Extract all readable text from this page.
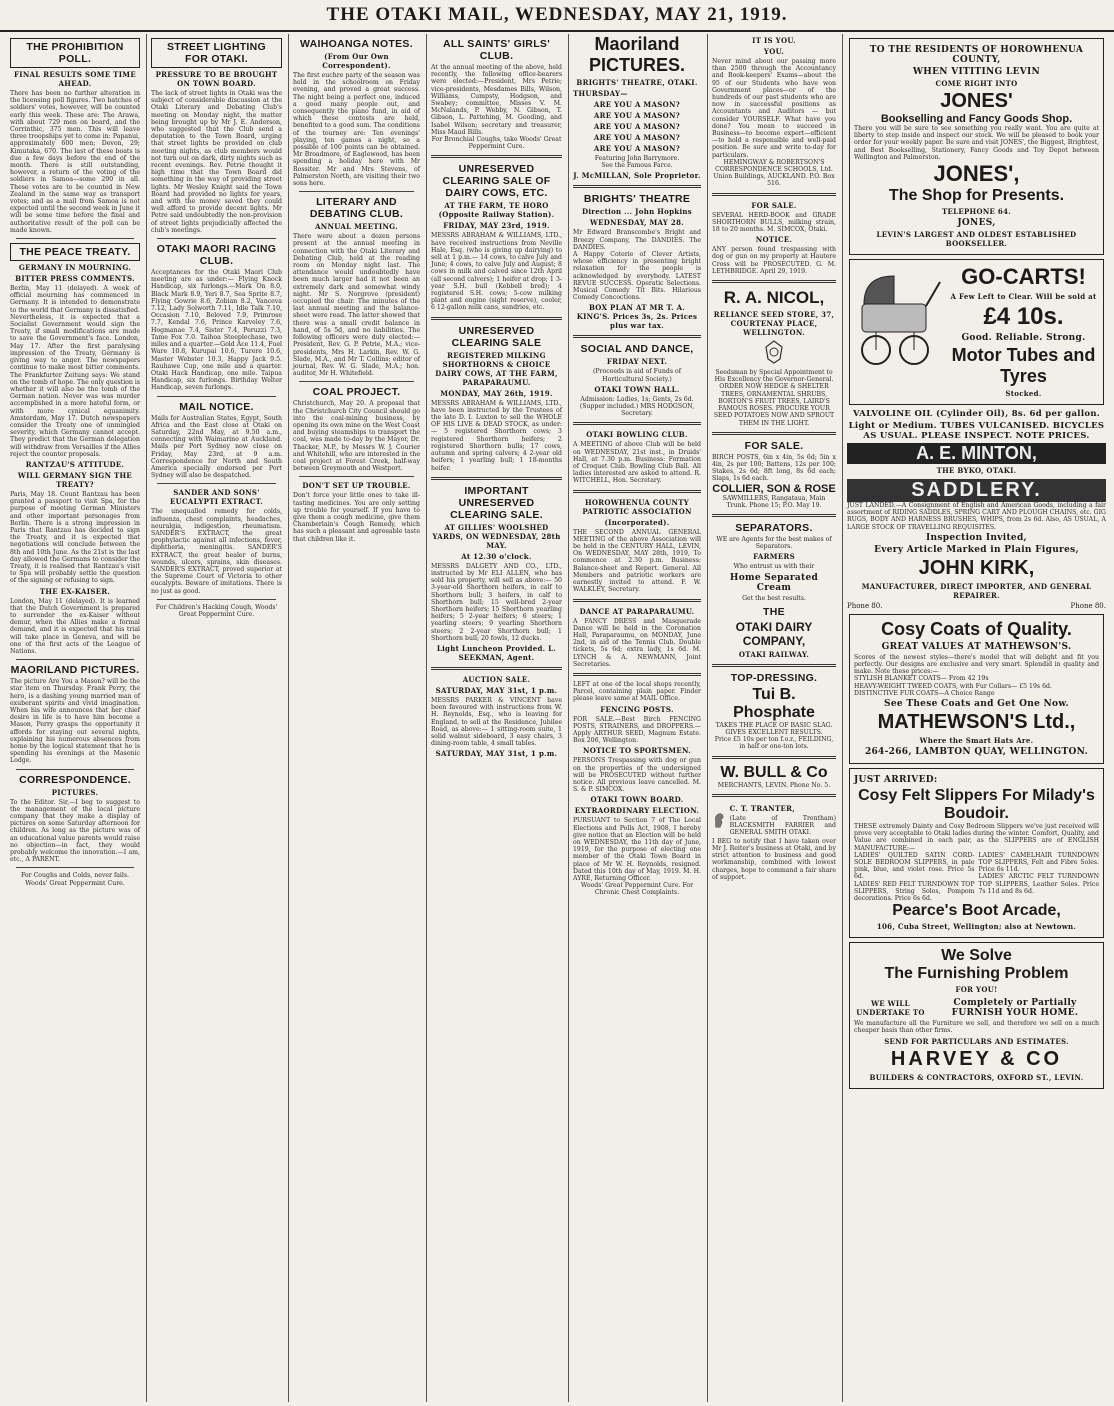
THE OTAKI MAIL, WEDNESDAY, MAY 21, 1919.
THE PROHIBITION POLL.
FINAL RESULTS SOME TIME AHEAD.
There has been no further alteration in the licensing poll figures. Two batches of soldiers' votes, however, will be counted early this week. These are: The Arawa, with about 729 men on board, and the Corrinthic, 375 men. This will leave three troopships yet to come in: Papanui, approximately 600 men; Devon, 29; Kimutaka, 670. The last of these boats is due a few days before the end of the month. There is still outstanding, however, a return of the voting of the soldiers in Samoa—some 290 in all. These votes are to be counted in New Zealand in the same way as transport votes; and as a mail from Samoa is not expected until the second week in June it will be some time before the final and authoritative result of the poll can be made known.
THE PEACE TREATY.
GERMANY IN MOURNING.
BITTER PRESS COMMENTS.
Berlin, May 11 (delayed). A week of official mourning has commenced in Germany. It is intended to demonstrate to the world that Germany is dissatisfied. Nevertheless, it is expected that a Socialist Government would sign the Treaty, if small modifications are made to save the Government's face. London, May 17. After the first paralysing impression of the Treaty, Germany is giving way to anger. The newspapers continue to make most bitter comments. The Frankfurter Zeitung says: We stand on the tomb of hope. The only question is whether it will also be the tomb of the German nation. Never was was murder accomplished in a more hateful form, or with more cynical equanimity. Amsterdam, May 17. Dutch newspapers consider the Treaty one of unmingled severity, which Germany cannot accept. They predict that the German delegation will withdraw from Versailles if the Allies reject the counter proposals.
RANTZAU'S ATTITUDE.
WILL GERMANY SIGN THE TREATY?
Paris, May 18. Count Rantzau has been granted a passport to visit Spa, for the purpose of meeting German Ministers and other important personages from Berlin. There is a strong impression in Paris that Rantzau has decided to sign the Treaty, and it is expected that negotiations will conclude between the 8th and 10th June. As the 21st is the last day allowed the Germans to consider the Treaty, it is realised that Rantzau's visit to Spa will probably settle the question of the signing or refusing to sign.
THE EX-KAISER.
London, May 11 (delayed). It is learned that the Dutch Government is prepared to surrender the ex-Kaiser without demur, when the Allies make a formal demand, and it is expected that his trial will take place in Geneva, and will be one of the first acts of the League of Nations.
MAORILAND PICTURES.
The picture Are You a Mason? will be the star item on Thursday. Frank Perry, the hero, is a dashing young married man of exuberant spirits and vivid imagination. When his wife announces that her chief desire in life is to have him become a Mason, Perry grasps the opportunity it affords for staying out several nights, explaining his numerous absences from home by the logical statement that he is spending his evenings at the Masonic Lodge.
CORRESPONDENCE.
PICTURES.
To the Editor. Sir,—I beg to suggest to the management of the local picture company that they make a display of pictures on some Saturday afternoon for children. As long as the picture was of an educational value parents would raise no objection—in fact, they would probably welcome the innovation.—I am, etc., A PARENT.
For Coughs and Colds, never fails. Woods' Great Peppermint Cure.
STREET LIGHTING FOR OTAKI.
PRESSURE TO BE BROUGHT ON TOWN BOARD.
The lack of street lights in Otaki was the subject of considerable discussion at the Otaki Literary and Debating Club's meeting on Monday night, the matter being brought up by Mr J. E. Anderson, who suggested that the Club send a deputation to the Town Board, urging that street lights be provided on club meeting nights, as club members would not turn out on dark, dirty nights such as recent evenings. Rev. Petrie thought it high time that the Town Board did something in the way of providing street lights. Mr Wesley Knight said the Town Board had provided no lights for years, and with the money saved they could well afford to provide decent lights. Mr Petre said undoubtedly the non-provision of street lights prejudicially affected the club's meetings.
OTAKI MAORI RACING CLUB.
Acceptances for the Otaki Maori Club meeting are as under:— Flying Knock Handicap, six furlongs.—Mark On 8.0, Black Mark 8.9, Yeri 8.7, Sea Sprite 8.7, Flying Gowrie 8.6, Zobian 8.2, Vanceva 7.12, Lady Solworth 7.11, Idle Talk 7.10, Occasion 7.10, Beloved 7.9, Primrose 7.7, Kendal 7.6, Prince Karveley 7.6, Hogmanae 7.4, Sister 7.4, Peruzzi 7.3, Tame Fox 7.0. Taihoa Steeplechase, two miles and a quarter.—Gold Ace 11.4, Fuel Ware 10.8, Kurupai 10.6, Turere 10.6, Master Webster 10.3, Happy Jack 9.5. Rauhawe Cup, one mile and a quarter. Otaki Hack Handicap, one mile. Taipua Handicap, six furlongs. Birthday Welter Handicap, seven furlongs.
MAIL NOTICE.
Mails for Australian States, Egypt, South Africa and the East close at Otaki on Saturday, 22nd May, at 9.50 a.m., connecting with Waimarino at Auckland. Mails per Port Sydney now close on Friday, May 23rd, at 9 a.m. Correspondence for North and South America specially endorsed per Port Sydney will also be despatched.
SANDER AND SONS' EUCALYPTI EXTRACT.
The unequalled remedy for colds, influenza, chest complaints, headaches, neuralgia, indigestion, rheumatism. SANDER'S EXTRACT, the great prophylactic against all infections, fever, diphtheria, meningitis. SANDER'S EXTRACT, the great healer of burns, wounds, ulcers, sprains, skin diseases. SANDER'S EXTRACT, proved superior at the Supreme Court of Victoria to other eucalypts. Beware of imitations. There is no just as good.
For Children's Hacking Cough, Woods' Great Peppermint Cure.
WAIHOANGA NOTES.
(From Our Own Correspondent).
The first euchre party of the season was held in the schoolroom on Friday evening, and proved a great success. The night being a perfect one, induced a good many people out, and consequently the piano fund, in aid of which these contests are held, benefited to a good sum. The conditions of the tourney are: Ten evenings' playing, ten games a night, so a possible of 100 points can be obtained. Mr Broadmore, of Eaglewood, has been spending a holiday here with Mr Rossiter. Mr and Mrs Stevens, of Palmerston North, are visiting their two sons here.
LITERARY AND DEBATING CLUB.
ANNUAL MEETING.
There were about a dozen persons present at the annual meeting in connection with the Otaki Literary and Debating Club, held at the reading room on Monday night last. The attendance would undoubtedly have been much larger had it not been an extremely dark and somewhat windy night. Mr S. Norgrove (president) occupied the chair. The minutes of the last annual meeting and the balance-sheet were read. The latter showed that there was a small credit balance in hand, of 5s 5d, and no liabilities. The following officers were duly elected:—President, Rev. G. P. Petrie, M.A.; vice-presidents, Mrs H. Larkin, Rev. W. G. Slade, M.A., and Mr T. Collins; editor of journal, Rev. W. G. Slade, M.A.; hon. auditor, Mr H. Whitefield.
COAL PROJECT.
Christchurch, May 20. A proposal that the Christchurch City Council should go into the coal-mining business, by opening its own mine on the West Coast and buying steamships to transport the coal, was made to-day by the Mayor, Dr. Thacker, M.P., by Messrs W. J. Courier and Whitehill, who are interested in the coal project at Forest Creek, half-way between Greymouth and Westport.
DON'T SET UP TROUBLE.
Don't force your little ones to take ill-tasting medicines. You are only setting up trouble for yourself. If you have to give them a cough medicine, give them Chamberlain's Cough Remedy, which has such a pleasant and agreeable taste that children like it.
ALL SAINTS' GIRLS' CLUB.
At the annual meeting of the above, held recently, the following office-bearers were elected:—President, Mrs Petrie; vice-presidents, Mesdames Bills, Wilson, Williams, Cumpsty, Hodgson, and Swabey; committee, Misses V. M. McNalands, P. Webby, N. Gibson, T. Gibson, L. Pattehing, M. Gooding, and Isabel Wilson; secretary and treasurer, Miss Maud Bills.
For Bronchial Coughs, take Woods' Great Peppermint Cure.
UNRESERVED CLEARING SALE OF DAIRY COWS, ETC.
AT THE FARM, TE HORO (Opposite Railway Station).
FRIDAY, MAY 23rd, 1919.
MESSRS ABRAHAM & WILLIAMS, LTD., have received instructions from Neville Hale, Esq. (who is giving up dairying) to sell at 1 p.m.— 14 cows, to calve July and June; 4 cows, to calve July and August; 8 cows in milk and calved since 12th April (all second calvers); 1 heifer at drop; 1 3-year S.H. bull (Kebbell bred); 4 registered S.H. cows; 5-cow milking plant and engine (sight reserve), cooler, 6 12-gallon milk cans, sundries, etc.
UNRESERVED CLEARING SALE
REGISTERED MILKING SHORTHORNS & CHOICE DAIRY COWS, AT THE FARM, PARAPARAUMU.
MONDAY, MAY 26th, 1919.
MESSRS ABRAHAM & WILLIAMS, LTD., have been instructed by the Trustees of the late D. I. Luxton to sell the WHOLE OF HIS LIVE & DEAD STOCK, as under:— 5 registered Shorthorn cows; 3 registered Shorthorn heifers; 2 registered Shorthorn bulls; 17 cows, autumn and spring calvers; 4 2-year old heifers; 1 yearling bull; 1 18-months heifer.
IMPORTANT UNRESERVED CLEARING SALE.
AT GILLIES' WOOLSHED YARDS, ON WEDNESDAY, 28th MAY.
At 12.30 o'clock.
MESSRS DALGETY AND CO., LTD., instructed by Mr ELI ALLEN, who has sold his property, will sell as above:— 50 3-year-old Shorthorn heifers, in calf to Shorthorn bull; 3 heifers, in calf to Shorthorn bull; 15 well-bred 2-year Shorthorn heifers; 15 Shorthorn yearling heifers; 5 2-year heifers; 6 steers; 1 yearling steers; 9 yearling Shorthorn steers; 2 2-year Shorthorn bull; 1 Shorthorn bull; 20 fowls, 12 ducks.
Light Luncheon Provided. L. SEEKMAN, Agent.
AUCTION SALE.
SATURDAY, MAY 31st, 1 p.m.
MESSRS PARKER & VINCENT have been favoured with instructions from W. H. Reynolds, Esq., who is leaving for England, to sell at the Residence, Jubilee Road, as above:— 1 sitting-room suite, 1 solid walnut sideboard, 3 easy chairs, 3 dining-room table, 4 small tables.
SATURDAY, MAY 31st, 1 p.m.
Maoriland
PICTURES.
BRIGHTS' THEATRE, OTAKI.
THURSDAY—
ARE YOU A MASON?
ARE YOU A MASON?
ARE YOU A MASON?
ARE YOU A MASON?
ARE YOU A MASON?
Featuring John Barrymore.
See the Famous Farce.
J. McMILLAN, Sole Proprietor.
BRIGHTS' THEATRE
Direction ... John Hopkins
WEDNESDAY, MAY 28.
Mr Edward Branscombe's Bright and Breezy Company, The DANDIES. The DANDIES.
A Happy Coterie of Clever Artists, whose efficiency in presenting bright relaxation for the people is acknowledged by everybody. LATEST REVUE SUCCESS. Operatic Selections. Musical Comedy Tit Bits. Hilarious Comedy Concoctions.
BOX PLAN AT MR T. A. KING'S. Prices 3s, 2s. Prices plus war tax.
SOCIAL AND DANCE,
FRIDAY NEXT.
(Proceeds in aid of Funds of Horticultural Society.)
OTAKI TOWN HALL.
Admission: Ladies, 1s; Gents, 2s 6d. (Supper included.) MRS HODGSON, Secretary.
OTAKI BOWLING CLUB.
A MEETING of above Club will be held on WEDNESDAY, 21st inst., in Druids' Hall, at 7.30 p.m. Business: Formation of Croquet Club. Bowling Club Ball. All ladies interested are asked to attend. R. WITCHELL, Hon. Secretary.
HOROWHENUA COUNTY PATRIOTIC ASSOCIATION
(Incorporated).
THE SECOND ANNUAL GENERAL MEETING of the above Association will be held in the CENTURY HALL, LEVIN, On WEDNESDAY, MAY 28th, 1919, To commence at 2.30 p.m. Business: Balance-sheet and Report. General. All Members and patriotic workers are earnestly invited to attend. F. W. WALKLEY, Secretary.
DANCE AT PARAPARAUMU.
A FANCY DRESS and Masquerade Dance will be held in the Coronation Hall, Paraparaumu, on MONDAY, June 2nd, in aid of the Tennis Club. Double tickets, 5s 6d; extra lady, 1s 6d. M. LYNCH & A. NEWMANN, Joint Secretaries.
LEFT at one of the local shops recently, Parcel, containing plain paper. Finder please leave same at MAIL Office.
FENCING POSTS.
FOR SALE.—Best Birch FENCING POSTS, STRAINERS, and DROPPERS.—Apply ARTHUR SEED, Magnum Estate. Box 206, Wellington.
NOTICE TO SPORTSMEN.
PERSONS Trespassing with dog or gun on the properties of the undersigned will be PROSECUTED without further notice. All previous leave cancelled. M. S. & P. SIMCOX.
OTAKI TOWN BOARD.
EXTRAORDINARY ELECTION.
PURSUANT to Section 7 of The Local Elections and Polls Act, 1908, I hereby give notice that an Election will be held on WEDNESDAY, the 11th day of June, 1919, for the purpose of electing one member of the Otaki Town Board in place of Mr W. H. Reynolds, resigned. Dated this 10th day of May, 1919. M. H. AYRE, Returning Officer.
Woods' Great Peppermint Cure. For Chronic Chest Complaints.
IT IS YOU.
YOU.
Never mind about our passing more than 2500 through the Accountancy and Book-keepers' Exams—about the 95 of our Students who have won Government places—or of the hundreds of our past students who are now in successful positions as Accountants and Auditors — but consider YOURSELF. What have you done? You mean to succeed in Business—to become expert—efficient—to hold a responsible and well-paid position. Be sure and write to-day for particulars.
HEMINGWAY & ROBERTSON'S CORRESPONDENCE SCHOOLS, Ltd. Union Buildings, AUCKLAND. P.O. Box 516.
FOR SALE.
SEVERAL HERD-BOOK and GRADE SHORTHORN BULLS, milking strain, 18 to 20 months. M. SIMCOX, Otaki.
NOTICE.
ANY person found trespassing with dog or gun on my property at Hautere Cross will be PROSECUTED. G. M. LETHBRIDGE. April 29, 1919.
R. A. NICOL,
RELIANCE SEED STORE, 37, COURTENAY PLACE, WELLINGTON.
Seedsman by Special Appointment to His Excellency the Governor-General. ORDER NOW HEDGE & SHELTER TREES, ORNAMENTAL SHRUBS, BORTON'S FRUIT TREES, LAIRD'S FAMOUS ROSES. PROCURE YOUR SEED POTATOES NOW AND SPROUT THEM IN THE LIGHT.
FOR SALE.
BIRCH POSTS, 6in x 4in, 5s 6d; 5in x 4in, 2s per 100; Battens, 12s per 100; Stakes, 2s 6d; 8ft long, 8s 6d each; Slaps, 1s 6d each.
COLLIER, SON & ROSE
SAWMILLERS, Rangataua, Main Trunk. Phone 15; P.O. May 19.
SEPARATORS.
WE are Agents for the best makes of Separators.
FARMERS
Who entrust us with their
Home Separated Cream
Get the best results.
THE
OTAKI DAIRY COMPANY,
OTAKI RAILWAY.
TOP-DRESSING.
Tui B. Phosphate
TAKES THE PLACE OF BASIC SLAG. GIVES EXCELLENT RESULTS.
Price £5 10s per ton f.o.r., FEILDING, in half or one-ton lots.
W. BULL & Co
MERCHANTS, LEVIN. Phone No. 5.
C. T. TRANTER,
(Late of Trentham) BLACKSMITH FARRIER and GENERAL SMITH OTAKI.
I BEG to notify that I have taken over Mr J. Reiter's business at Otaki, and by strict attention to business and good workmanship, combined with lowest charges, hope to command a fair share of support.
TO THE RESIDENTS OF HOROWHENUA COUNTY,
WHEN VITITING LEVIN
COME RIGHT INTO
JONES'
Bookselling and Fancy Goods Shop.
There you will be sure to see something you really want. You are quite at liberty to step inside and inspect our stock. We will be pleased to book your order for your weekly paper. Be sure and visit JONES', the Biggest, Brightest, and Best Bookselling, Stationery, Fancy Goods and Toy Depot between Wellington and Palmerston.
JONES',
The Shop for Presents.
TELEPHONE 64.
JONES,
LEVIN'S LARGEST AND OLDEST ESTABLISHED BOOKSELLER.
GO-CARTS!
A Few Left to Clear. Will be sold at
£4 10s.
Good. Reliable. Strong.
Motor Tubes and Tyres
Stocked.
VALVOLINE OIL (Cylinder Oil), 8s. 6d per gallon.
Light or Medium. TUBES VULCANISED. BICYCLES AS USUAL. PLEASE INSPECT. NOTE PRICES.
A. E. MINTON,
THE BYKO, OTAKI.
SADDLERY.
JUST LANDED.—A Consignment of English and American Goods, including a fair assortment of RIDING SADDLES, SPRING CART AND PLOUGH CHAINS, etc. GIG RUGS, BODY AND HARNESS BRUSHES, WHIPS, from 2s 6d. Also, AS USUAL, A LARGE STOCK OF TRAVELLING REQUISITES.
Inspection Invited,
Every Article Marked in Plain Figures,
JOHN KIRK,
MANUFACTURER, DIRECT IMPORTER, AND GENERAL REPAIRER.
Phone 80.	Phone 80.
Cosy Coats of Quality.
GREAT VALUES AT MATHEWSON'S.
Scores of the newest styles—there's model that will delight and fit you perfectly. Our designs are exclusive and very smart. Splendid in quality and make. Note these prices:—
STYLISH BLANKET COATS— From 42 19s
HEAVY-WEIGHT TWEED COATS, with Fur Collars— £5 19s 6d.
DISTINCTIVE FUR COATS—A Choice Range
See These Coats and Get One Now.
MATHEWSON'S Ltd.,
Where the Smart Hats Are.
264-266, LAMBTON QUAY, WELLINGTON.
JUST ARRIVED:
Cosy Felt Slippers For Milady's Boudoir.
THESE extremely Dainty and Cosy Bedroom Slippers we've just received will prove very acceptable to Otaki ladies during the winter. Comfort, Quality, and Value are combined in each pair, as the SLIPPERS are of ENGLISH MANUFACTURE:—
LADIES' QUILTED SATIN CORD-SOLE BEDROOM SLIPPERS, in pale pink, blue, and violet rose. Price 5s 6d.
LADIES' RED FELT TURNDOWN TOP SLIPPERS, String Soles, Pompom decorations. Price 6s 6d.
LADIES' CAMELHAIR TURNDOWN TOP SLIPPERS, Felt and Fibre Soles. Price 6s 11d.
LADIES' ARCTIC FELT TURNDOWN TOP SLIPPERS, Leather Soles. Price 7s 11d and 8s 6d.
Pearce's Boot Arcade,
106, Cuba Street, Wellington; also at Newtown.
We Solve
The Furnishing Problem
FOR YOU!
WE WILL UNDERTAKE TO
Completely or Partially FURNISH YOUR HOME.
We manufacture all the Furniture we sell, and therefore we sell on a much cheaper basis than other firms.
SEND FOR PARTICULARS AND ESTIMATES.
HARVEY & CO
BUILDERS & CONTRACTORS, OXFORD ST., LEVIN.
